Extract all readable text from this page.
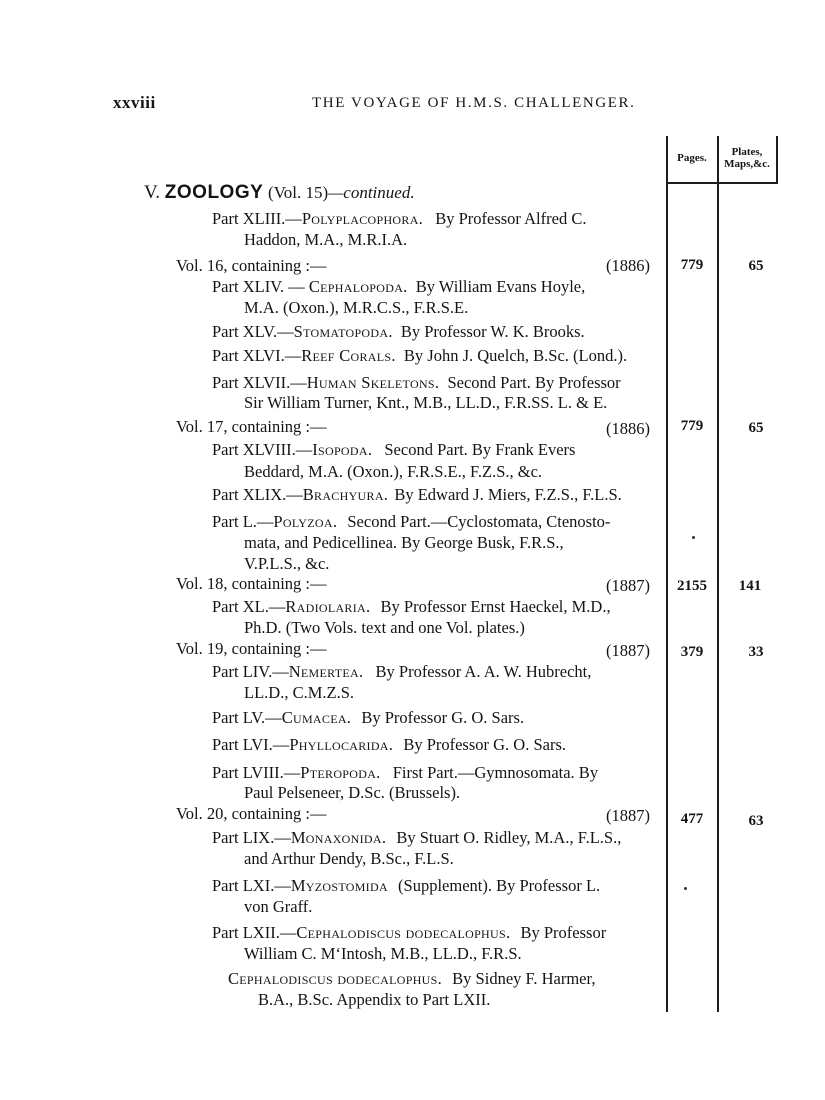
xxviii	THE VOYAGE OF H.M.S. CHALLENGER.
Pages.	Plates,
Maps,&c.
V. ZOOLOGY (Vol. 15)—continued.
Part XLIII.—Polyplacophora. By Professor Alfred C.
Haddon, M.A., M.R.I.A.
Vol. 16, containing :—	(1886)	779	65
Part XLIV. — Cephalopoda. By William Evans Hoyle,
M.A. (Oxon.), M.R.C.S., F.R.S.E.
Part XLV.—Stomatopoda. By Professor W. K. Brooks.
Part XLVI.—Reef Corals. By John J. Quelch, B.Sc. (Lond.).
Part XLVII.—Human Skeletons. Second Part. By Professor
Sir William Turner, Knt., M.B., LL.D., F.R.SS. L. & E.
Vol. 17, containing :—	(1886)	779	65
Part XLVIII.—Isopoda. Second Part. By Frank Evers
Beddard, M.A. (Oxon.), F.R.S.E., F.Z.S., &c.
Part XLIX.—Brachyura. By Edward J. Miers, F.Z.S., F.L.S.
Part L.—Polyzoa. Second Part.—Cyclostomata, Ctenosto-
mata, and Pedicellinea. By George Busk, F.R.S.,
V.P.L.S., &c.
Vol. 18, containing :—	(1887)	2155	141
Part XL.—Radiolaria. By Professor Ernst Haeckel, M.D.,
Ph.D. (Two Vols. text and one Vol. plates.)
Vol. 19, containing :—	(1887)	379	33
Part LIV.—Nemertea. By Professor A. A. W. Hubrecht,
LL.D., C.M.Z.S.
Part LV.—Cumacea. By Professor G. O. Sars.
Part LVI.—Phyllocarida. By Professor G. O. Sars.
Part LVIII.—Pteropoda. First Part.—Gymnosomata. By
Paul Pelseneer, D.Sc. (Brussels).
Vol. 20, containing :—	(1887)	477	63
Part LIX.—Monaxonida. By Stuart O. Ridley, M.A., F.L.S.,
and Arthur Dendy, B.Sc., F.L.S.
Part LXI.—Myzostomida (Supplement). By Professor L.
von Graff.
Part LXII.—Cephalodiscus dodecalophus. By Professor
William C. M‘Intosh, M.B., LL.D., F.R.S.
Cephalodiscus dodecalophus. By Sidney F. Harmer,
B.A., B.Sc. Appendix to Part LXII.
